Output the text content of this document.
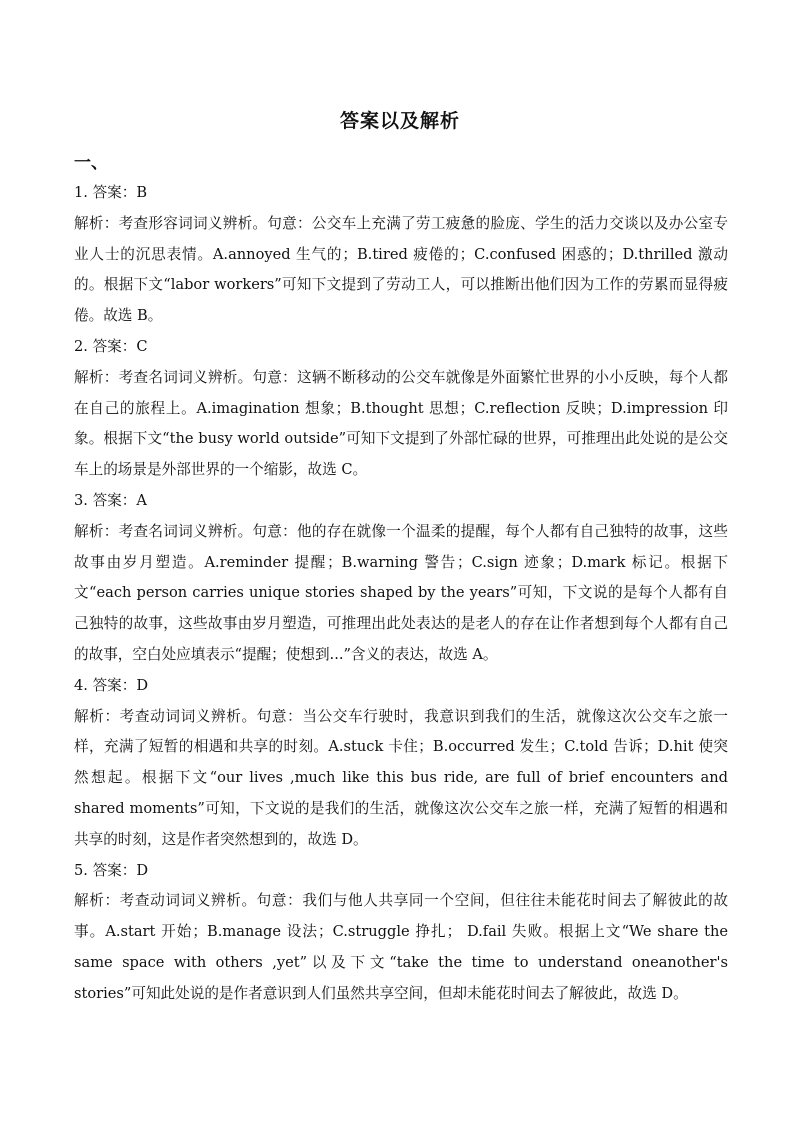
答案以及解析
一、

1. 答案：B

解析：考查形容词词义辨析。句意：公交车上充满了劳工疲惫的脸庞、学生的活力交谈以及办公室专业人士的沉思表情。A.annoyed 生气的；B.tired 疲倦的；C.confused 困惑的；D.thrilled 激动的。根据下文“labor workers”可知下文提到了劳动工人，可以推断出他们因为工作的劳累而显得疲倦。故选 B。

2. 答案：C

解析：考查名词词义辨析。句意：这辆不断移动的公交车就像是外面繁忙世界的小小反映，每个人都在自己的旅程上。A.imagination 想象；B.thought 思想；C.reflection 反映；D.impression 印象。根据下文“the busy world outside”可知下文提到了外部忙碌的世界，可推理出此处说的是公交车上的场景是外部世界的一个缩影，故选 C。

3. 答案：A

解析：考查名词词义辨析。句意：他的存在就像一个温柔的提醒，每个人都有自己独特的故事，这些故事由岁月塑造。A.reminder 提醒；B.warning 警告；C.sign 迹象；D.mark 标记。根据下文“each person carries unique stories shaped by the years”可知，下文说的是每个人都有自己独特的故事，这些故事由岁月塑造，可推理出此处表达的是老人的存在让作者想到每个人都有自己的故事，空白处应填表示“提醒；使想到...”含义的表达，故选 A。

4. 答案：D

解析：考查动词词义辨析。句意：当公交车行驶时，我意识到我们的生活，就像这次公交车之旅一样，充满了短暂的相遇和共享的时刻。A.stuck 卡住；B.occurred 发生；C.told 告诉；D.hit 使突然想起。根据下文“our lives ,much like this bus ride, are full of brief encounters and shared moments”可知，下文说的是我们的生活，就像这次公交车之旅一样，充满了短暂的相遇和共享的时刻，这是作者突然想到的，故选 D。

5. 答案：D

解析：考查动词词义辨析。句意：我们与他人共享同一个空间，但往往未能花时间去了解彼此的故事。A.start 开始；B.manage 设法；C.struggle 挣扎； D.fail 失败。根据上文“We share the same space with others ,yet”以及下文“take the time to understand oneanother's stories”可知此处说的是作者意识到人们虽然共享空间，但却未能花时间去了解彼此，故选 D。
